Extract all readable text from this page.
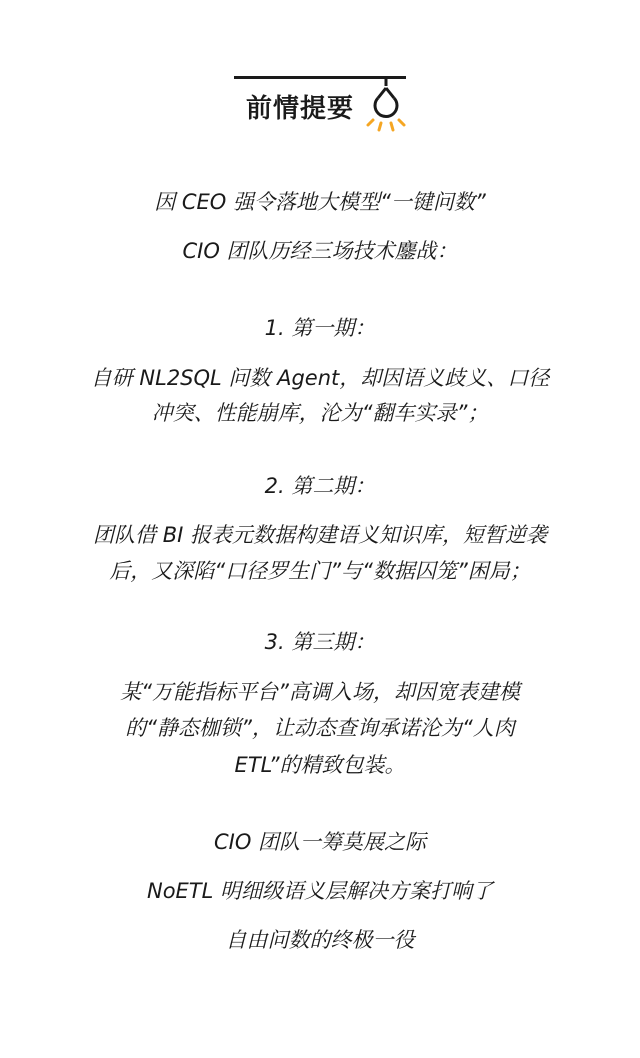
前情提要
因 CEO 强令落地大模型“一键问数”
CIO 团队历经三场技术鏖战：
1. 第一期：
自研 NL2SQL 问数 Agent，却因语义歧义、口径
冲突、性能崩库，沦为“翻车实录”；
2. 第二期：
团队借 BI 报表元数据构建语义知识库，短暂逆袭
后，又深陷“口径罗生门”与“数据囚笼”困局；
3. 第三期：
某“万能指标平台”高调入场，却因宽表建模
的“静态枷锁”，让动态查询承诺沦为“人肉
ETL”的精致包装。
CIO 团队一筹莫展之际
NoETL 明细级语义层解决方案打响了
自由问数的终极一役
